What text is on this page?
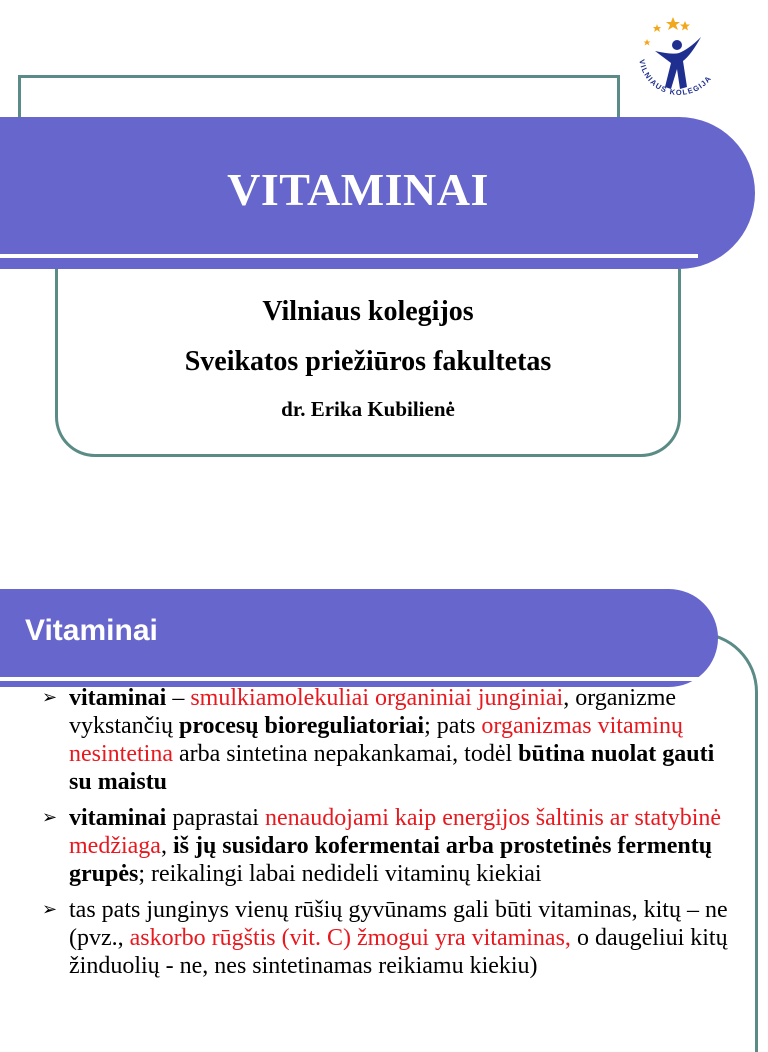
VITAMINAI
Vilniaus kolegijos
Sveikatos priežiūros fakultetas
dr. Erika Kubilienė
VILNIAUS KOLEGIJA
Vitaminai
➢ vitaminai – smulkiamolekuliai organiniai junginiai, organizme vykstančių procesų bioreguliatoriai; pats organizmas vitaminų nesintetina arba sintetina nepakankamai, todėl būtina nuolat gauti su maistu
➢ vitaminai paprastai nenaudojami kaip energijos šaltinis ar statybinė medžiaga, iš jų susidaro kofermentai arba prostetinės fermentų grupės; reikalingi labai nedideli vitaminų kiekiai
➢ tas pats junginys vienų rūšių gyvūnams gali būti vitaminas, kitų – ne (pvz., askorbo rūgštis (vit. C) žmogui yra vitaminas, o daugeliui kitų žinduolių - ne, nes sintetinamas reikiamu kiekiu)
